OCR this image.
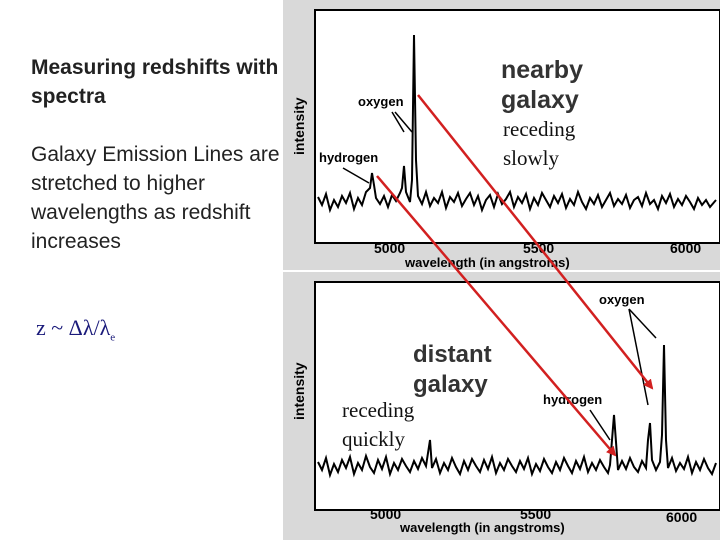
Measuring redshifts with spectra

Galaxy Emission Lines are stretched to higher wavelengths as redshift increases

z ~ $\Delta\lambda/\lambda_e$
intensity
5000	5500	6000
wavelength (in angstroms)
oxygen
hydrogen
nearby
galaxy
intensity
5000	5500	6000
wavelength (in angstroms)
oxygen
hydrogen
distant
galaxy
receding
slowly
receding
quickly
